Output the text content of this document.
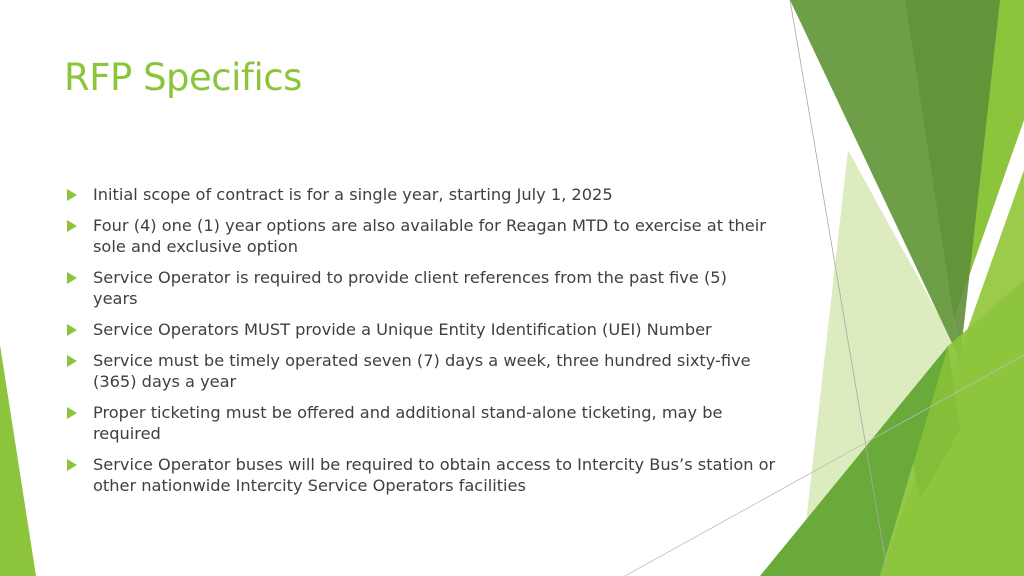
RFP Specifics
Initial scope of contract is for a single year, starting July 1, 2025
Four (4) one (1) year options are also available for Reagan MTD to exercise at their sole and exclusive option
Service Operator is required to provide client references from the past five (5) years
Service Operators MUST provide a Unique Entity Identification (UEI) Number
Service must be timely operated seven (7) days a week, three hundred sixty-five (365) days a year
Proper ticketing must be offered and additional stand-alone ticketing, may be required
Service Operator buses will be required to obtain access to Intercity Bus’s station or other nationwide Intercity Service Operators facilities
